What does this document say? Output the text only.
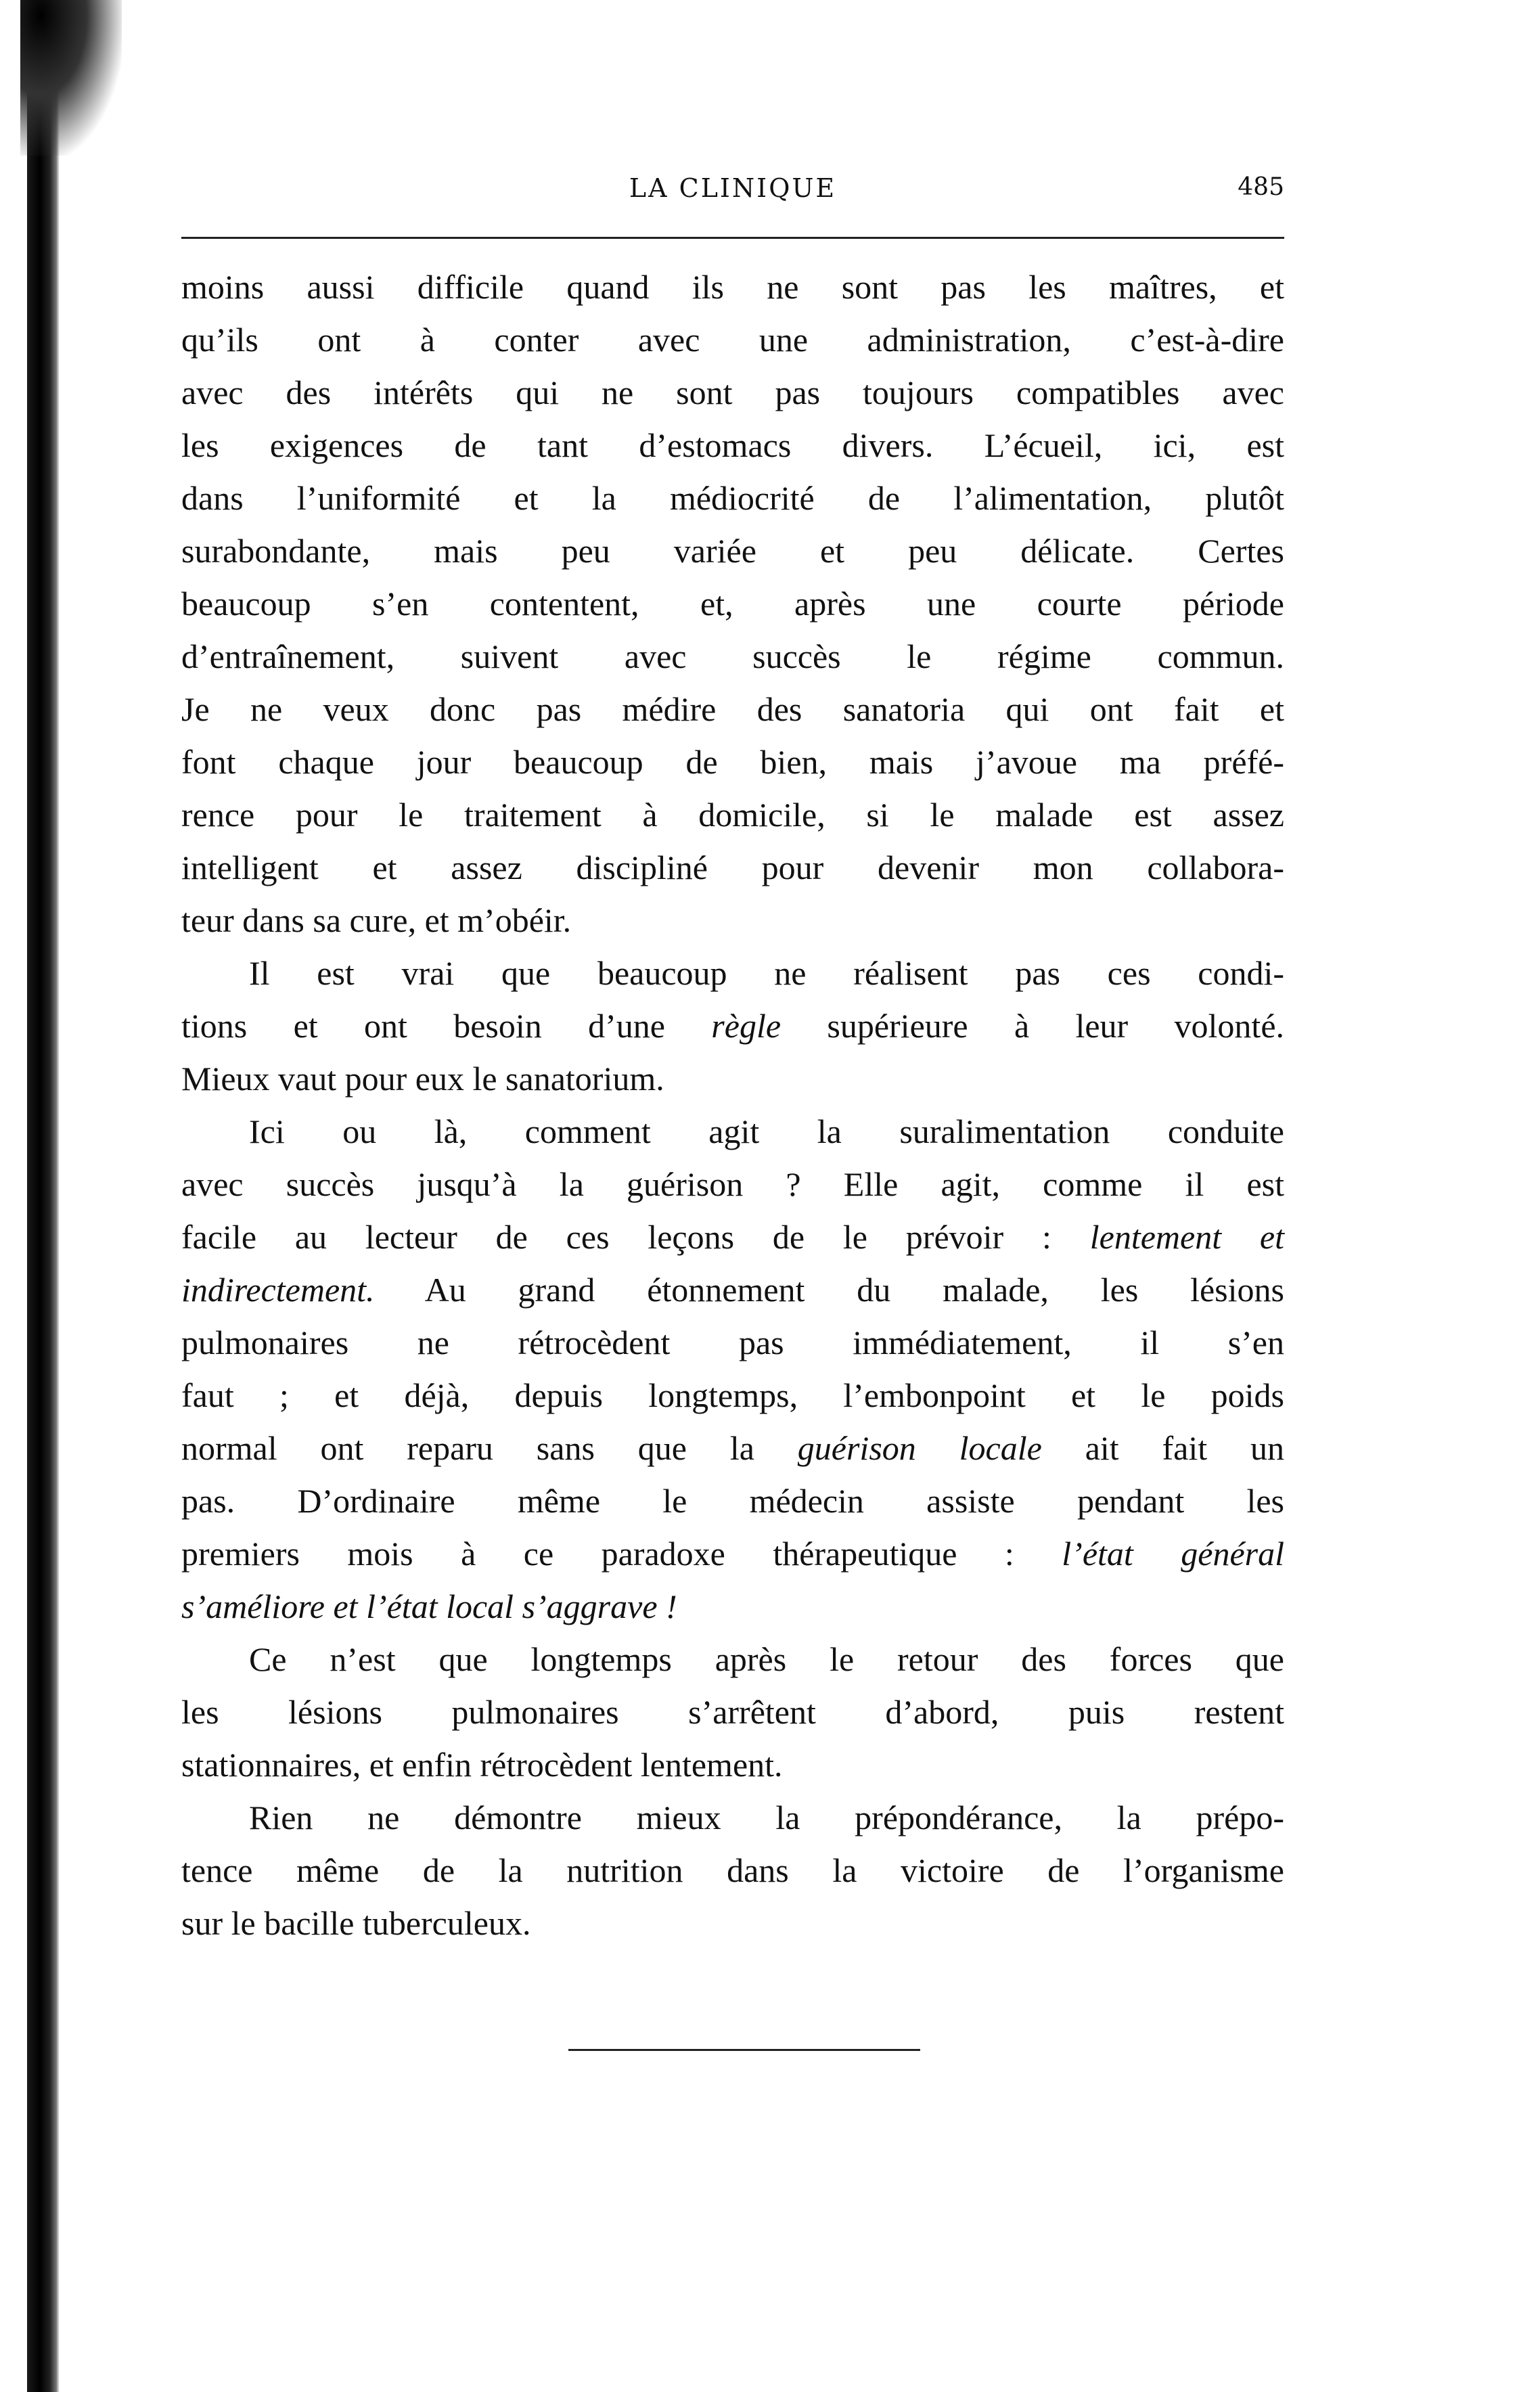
LA CLINIQUE	485
moins aussi difficile quand ils ne sont pas les maîtres, et
qu’ils ont à conter avec une administration, c’est-à-dire
avec des intérêts qui ne sont pas toujours compatibles avec
les exigences de tant d’estomacs divers. L’écueil, ici, est
dans l’uniformité et la médiocrité de l’alimentation, plutôt
surabondante, mais peu variée et peu délicate. Certes
beaucoup s’en contentent, et, après une courte période
d’entraînement, suivent avec succès le régime commun.
Je ne veux donc pas médire des sanatoria qui ont fait et
font chaque jour beaucoup de bien, mais j’avoue ma préfé-
rence pour le traitement à domicile, si le malade est assez
intelligent et assez discipliné pour devenir mon collabora-
teur dans sa cure, et m’obéir.
Il est vrai que beaucoup ne réalisent pas ces condi-
tions et ont besoin d’une règle supérieure à leur volonté.
Mieux vaut pour eux le sanatorium.
Ici ou là, comment agit la suralimentation conduite
avec succès jusqu’à la guérison ? Elle agit, comme il est
facile au lecteur de ces leçons de le prévoir : lentement et
indirectement. Au grand étonnement du malade, les lésions
pulmonaires ne rétrocèdent pas immédiatement, il s’en
faut ; et déjà, depuis longtemps, l’embonpoint et le poids
normal ont reparu sans que la guérison locale ait fait un
pas. D’ordinaire même le médecin assiste pendant les
premiers mois à ce paradoxe thérapeutique : l’état général
s’améliore et l’état local s’aggrave !
Ce n’est que longtemps après le retour des forces que
les lésions pulmonaires s’arrêtent d’abord, puis restent
stationnaires, et enfin rétrocèdent lentement.
Rien ne démontre mieux la prépondérance, la prépo-
tence même de la nutrition dans la victoire de l’organisme
sur le bacille tuberculeux.
